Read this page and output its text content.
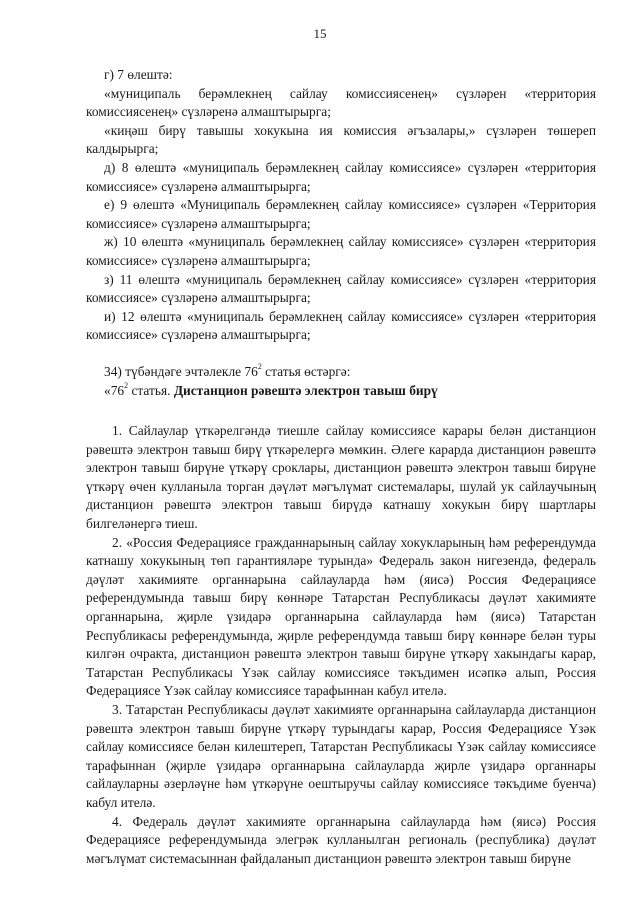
15

г) 7 өлештә:

«муниципаль берәмлекнең сайлау комиссиясенең» сүзләрен «территория комиссиясенең» сүзләренә алмаштырырга;

«киңәш бирү тавышы хокукына ия комиссия әгъзалары,» сүзләрен төшереп калдырырга;

д) 8 өлештә «муниципаль берәмлекнең сайлау комиссиясе» сүзләрен «территория комиссиясе» сүзләренә алмаштырырга;

е) 9 өлештә «Муниципаль берәмлекнең сайлау комиссиясе» сүзләрен «Территория комиссиясе» сүзләренә алмаштырырга;

ж) 10 өлештә «муниципаль берәмлекнең сайлау комиссиясе» сүзләрен «территория комиссиясе» сүзләренә алмаштырырга;

з) 11 өлештә «муниципаль берәмлекнең сайлау комиссиясе» сүзләрен «территория комиссиясе» сүзләренә алмаштырырга;

и) 12 өлештә «муниципаль берәмлекнең сайлау комиссиясе» сүзләрен «территория комиссиясе» сүзләренә алмаштырырга;

34) түбәндәге эчтәлекле $76^2$ статья өстәргә:

«$76^2$ статья. Дистанцион рәвештә электрон тавыш бирү

1. Сайлаулар үткәрелгәндә тиешле сайлау комиссиясе карары белән дистанцион рәвештә электрон тавыш бирү үткәрелергә мөмкин. Әлеге карарда дистанцион рәвештә электрон тавыш бирүне үткәрү сроклары, дистанцион рәвештә электрон тавыш бирүне үткәрү өчен кулланыла торган дәүләт мәгълүмат системалары, шулай ук сайлаучының дистанцион рәвештә электрон тавыш бирүдә катнашу хокукын бирү шартлары билгеләнергә тиеш.

2. «Россия Федерациясе гражданнарының сайлау хокукларының һәм референдумда катнашу хокукының төп гарантияләре турында» Федераль закон нигезендә, федераль дәүләт хакимияте органнарына сайлауларда һәм (яисә) Россия Федерациясе референдумында тавыш бирү көннәре Татарстан Республикасы дәүләт хакимияте органнарына, җирле үзидарә органнарына сайлауларда һәм (яисә) Татарстан Республикасы референдумында, җирле референдумда тавыш бирү көннәре белән туры килгән очракта, дистанцион рәвештә электрон тавыш бирүне үткәрү хакындагы карар, Татарстан Республикасы Үзәк сайлау комиссиясе тәкъдимен исәпкә алып, Россия Федерациясе Үзәк сайлау комиссиясе тарафыннан кабул ителә.

3. Татарстан Республикасы дәүләт хакимияте органнарына сайлауларда дистанцион рәвештә электрон тавыш бирүне үткәрү турындагы карар, Россия Федерациясе Үзәк сайлау комиссиясе белән килештереп, Татарстан Республикасы Үзәк сайлау комиссиясе тарафыннан (җирле үзидарә органнарына сайлауларда җирле үзидарә органнары сайлауларны әзерләүне һәм үткәрүне оештыручы сайлау комиссиясе тәкъдиме буенча) кабул ителә.

4. Федераль дәүләт хакимияте органнарына сайлауларда һәм (яисә) Россия Федерациясе референдумында элегрәк кулланылган региональ (республика) дәүләт мәгълүмат системасыннан файдаланып дистанцион рәвештә электрон тавыш бирүне
